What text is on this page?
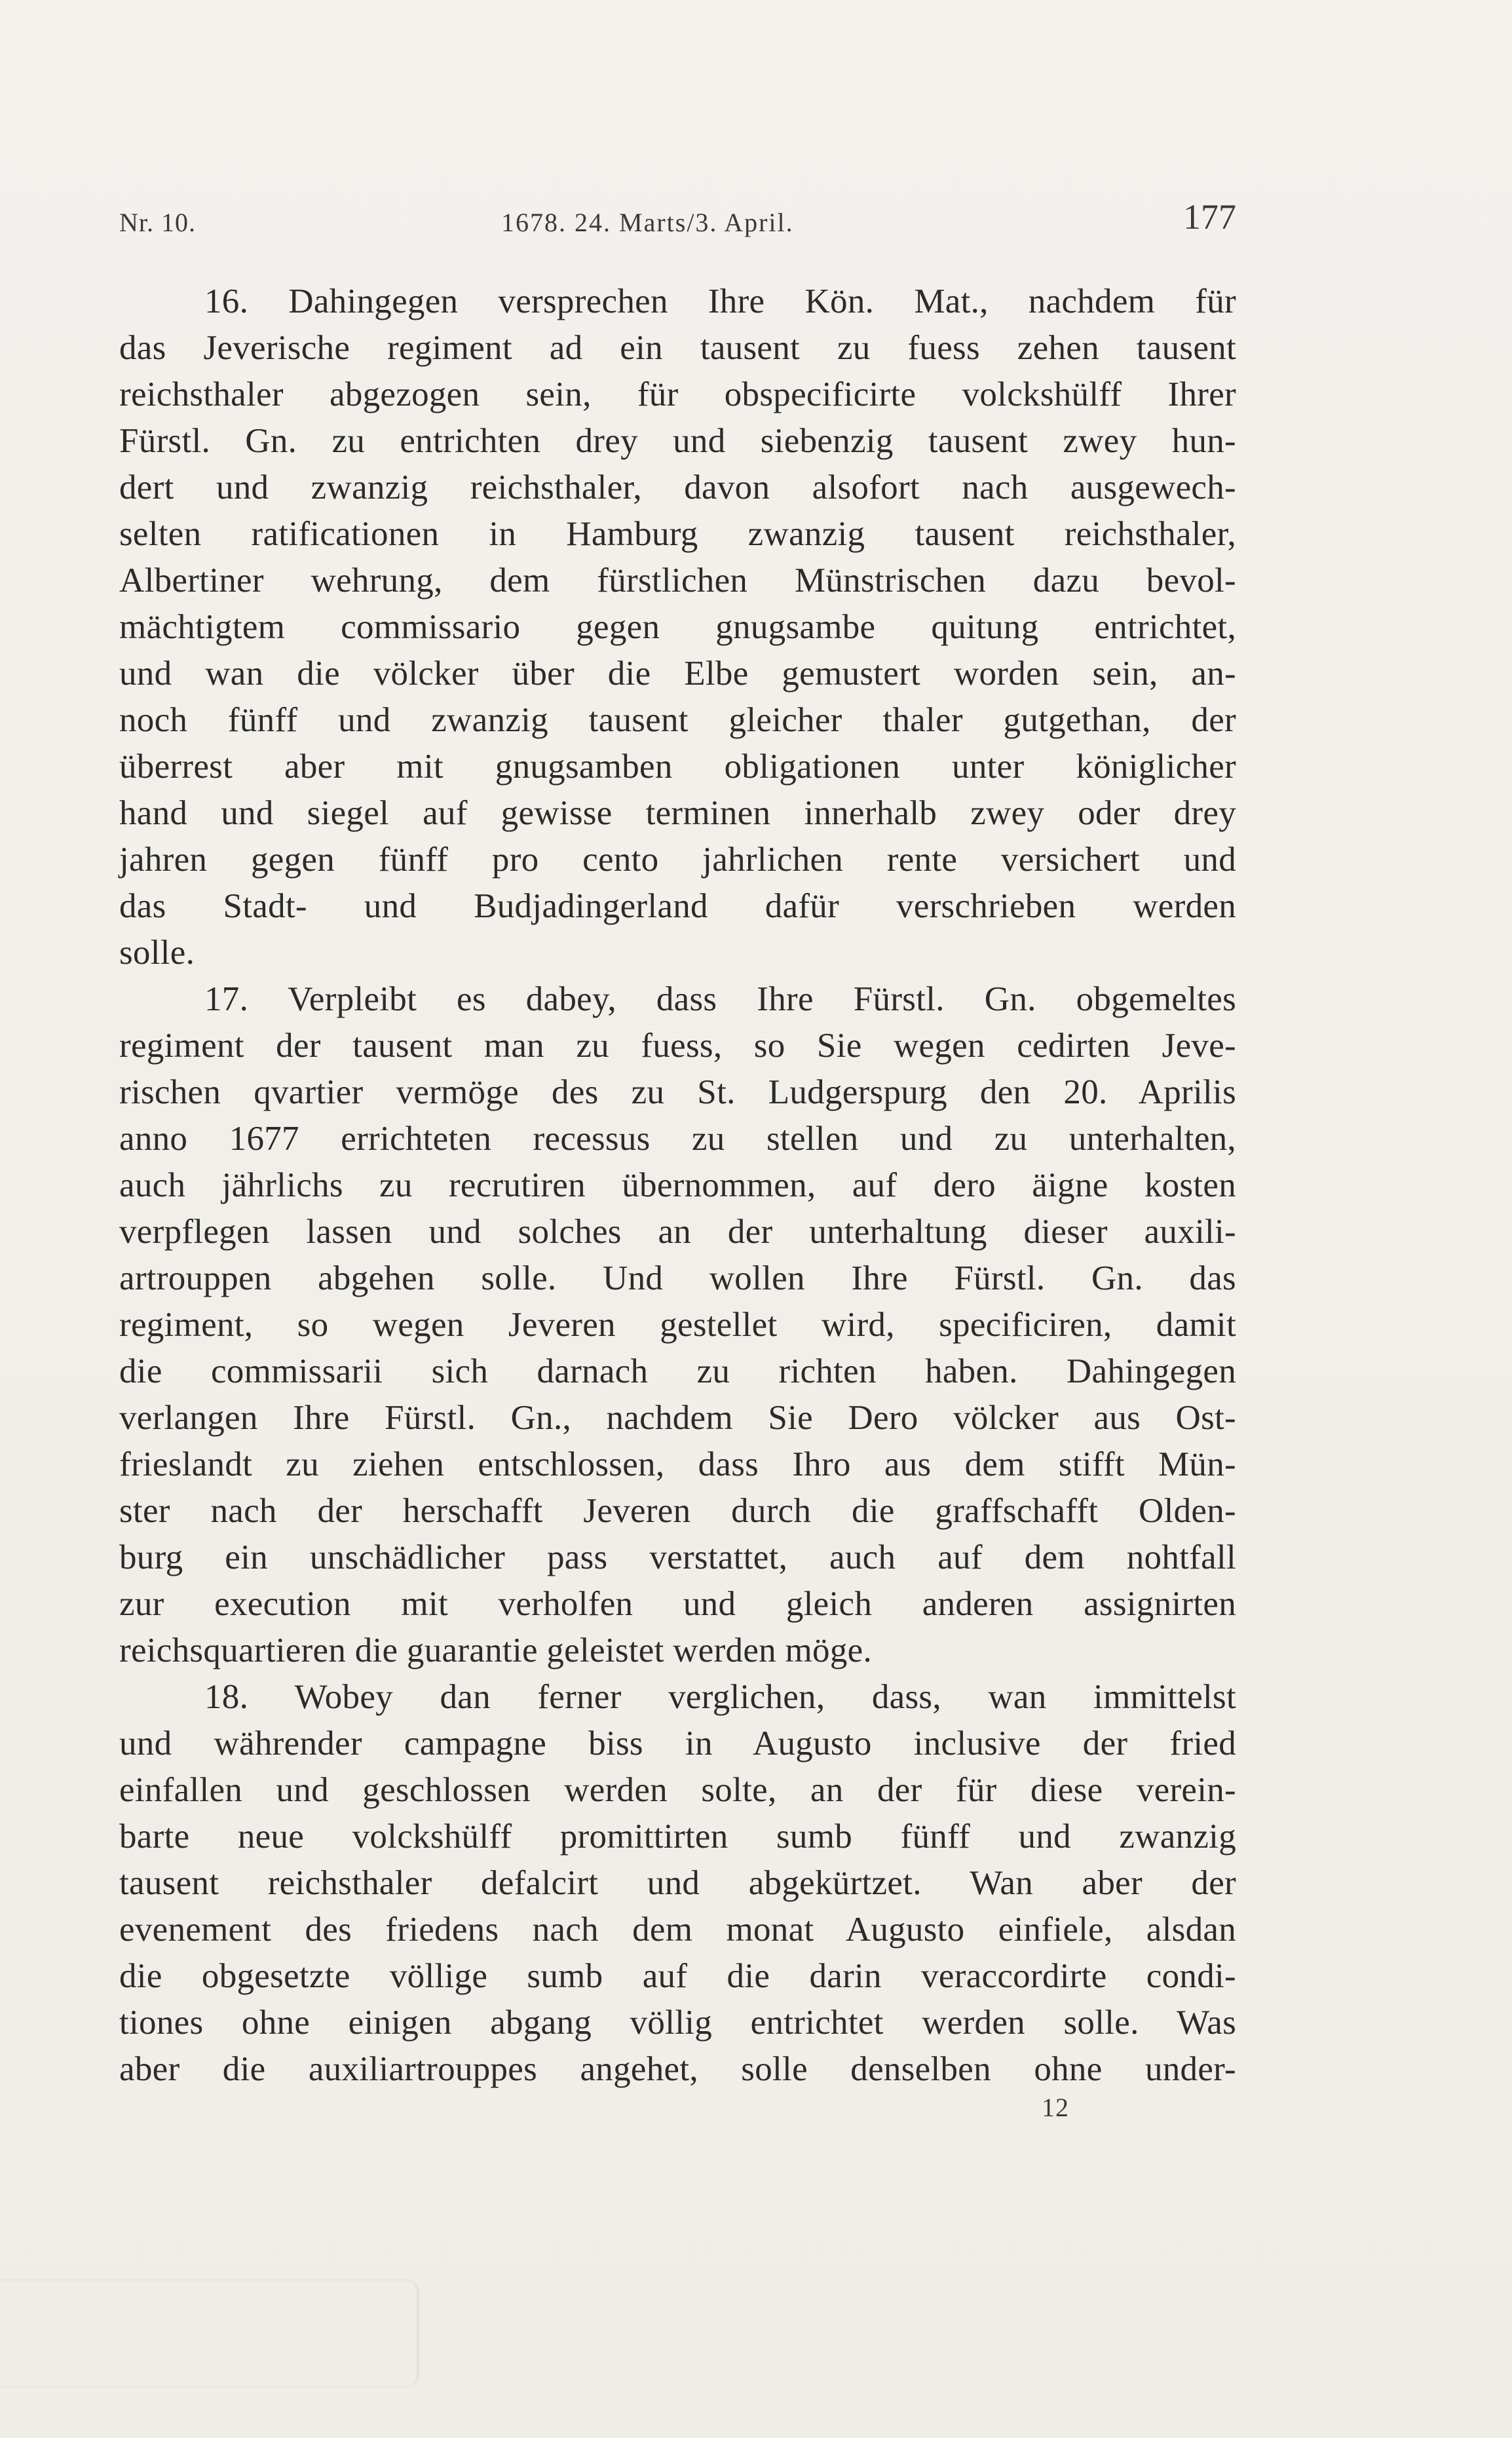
Nr. 10.	1678. 24. Marts/3. April.	177
16. Dahingegen versprechen Ihre Kön. Mat., nachdem für
das Jeverische regiment ad ein tausent zu fuess zehen tausent
reichsthaler abgezogen sein, für obspecificirte volckshülff Ihrer
Fürstl. Gn. zu entrichten drey und siebenzig tausent zwey hun-
dert und zwanzig reichsthaler, davon alsofort nach ausgewech-
selten ratificationen in Hamburg zwanzig tausent reichsthaler,
Albertiner wehrung, dem fürstlichen Münstrischen dazu bevol-
mächtigtem commissario gegen gnugsambe quitung entrichtet,
und wan die völcker über die Elbe gemustert worden sein, an-
noch fünff und zwanzig tausent gleicher thaler gutgethan, der
überrest aber mit gnugsamben obligationen unter königlicher
hand und siegel auf gewisse terminen innerhalb zwey oder drey
jahren gegen fünff pro cento jahrlichen rente versichert und
das Stadt- und Budjadingerland dafür verschrieben werden
solle.
17. Verpleibt es dabey, dass Ihre Fürstl. Gn. obgemeltes
regiment der tausent man zu fuess, so Sie wegen cedirten Jeve-
rischen qvartier vermöge des zu St. Ludgerspurg den 20. Aprilis
anno 1677 errichteten recessus zu stellen und zu unterhalten,
auch jährlichs zu recrutiren übernommen, auf dero äigne kosten
verpflegen lassen und solches an der unterhaltung dieser auxili-
artrouppen abgehen solle. Und wollen Ihre Fürstl. Gn. das
regiment, so wegen Jeveren gestellet wird, specificiren, damit
die commissarii sich darnach zu richten haben. Dahingegen
verlangen Ihre Fürstl. Gn., nachdem Sie Dero völcker aus Ost-
frieslandt zu ziehen entschlossen, dass Ihro aus dem stifft Mün-
ster nach der herschafft Jeveren durch die graffschafft Olden-
burg ein unschädlicher pass verstattet, auch auf dem nohtfall
zur execution mit verholfen und gleich anderen assignirten
reichsquartieren die guarantie geleistet werden möge.
18. Wobey dan ferner verglichen, dass, wan immittelst
und währender campagne biss in Augusto inclusive der fried
einfallen und geschlossen werden solte, an der für diese verein-
barte neue volckshülff promittirten sumb fünff und zwanzig
tausent reichsthaler defalcirt und abgekürtzet. Wan aber der
evenement des friedens nach dem monat Augusto einfiele, alsdan
die obgesetzte völlige sumb auf die darin veraccordirte condi-
tiones ohne einigen abgang völlig entrichtet werden solle. Was
aber die auxiliartrouppes angehet, solle denselben ohne under-
12
